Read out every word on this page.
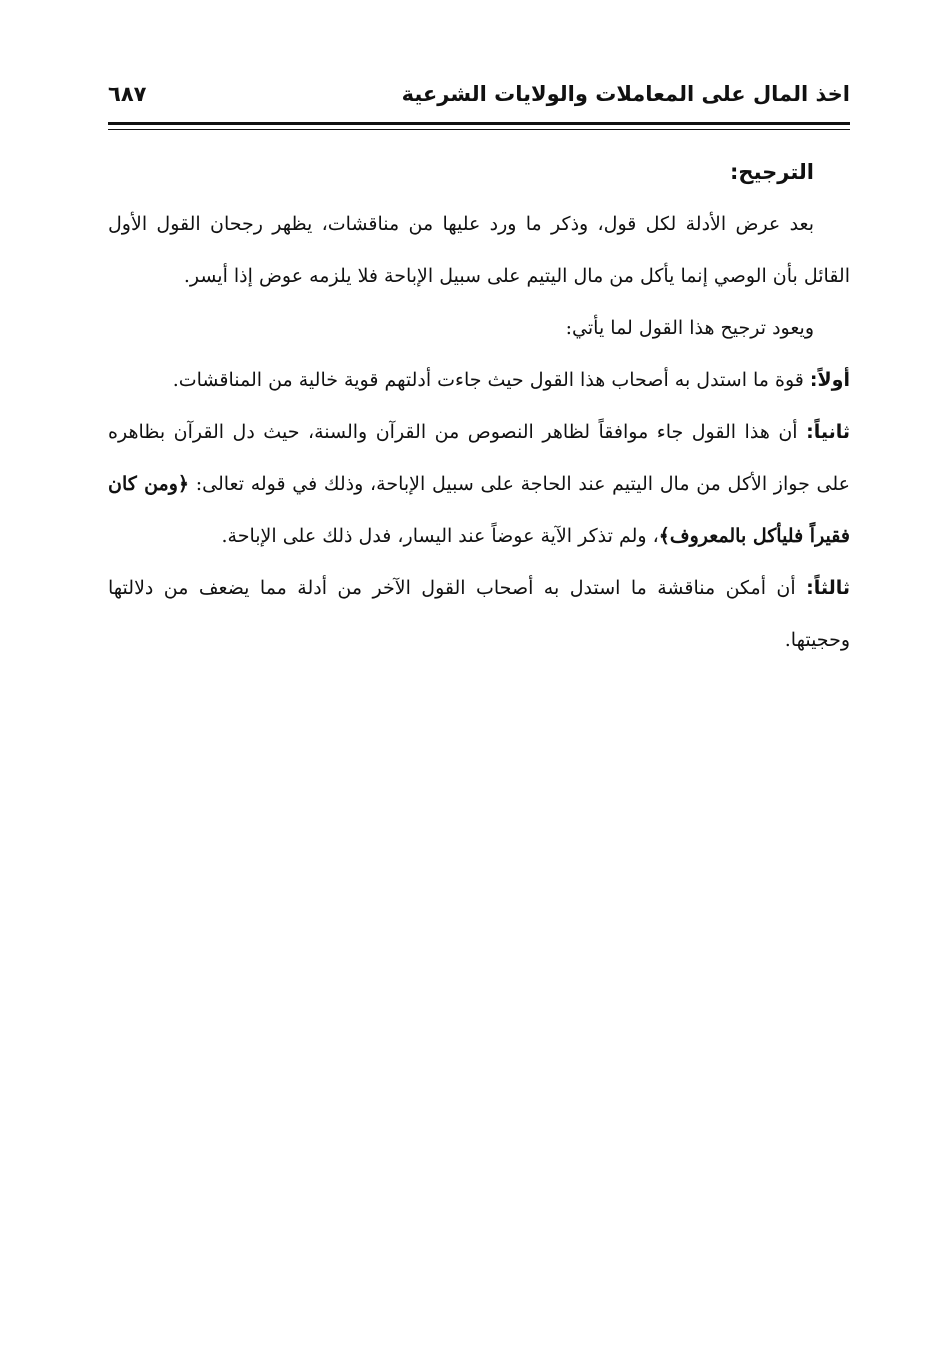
اخذ المال على المعاملات والولايات الشرعية
٦٨٧

الترجيح:

بعد عرض الأدلة لكل قول، وذكر ما ورد عليها من مناقشات، يظهر رجحان القول الأول القائل بأن الوصي إنما يأكل من مال اليتيم على سبيل الإباحة فلا يلزمه عوض إذا أيسر.

ويعود ترجيح هذا القول لما يأتي:

أولاً: قوة ما استدل به أصحاب هذا القول حيث جاءت أدلتهم قوية خالية من المناقشات.

ثانياً: أن هذا القول جاء موافقاً لظاهر النصوص من القرآن والسنة، حيث دل القرآن بظاهره على جواز الأكل من مال اليتيم عند الحاجة على سبيل الإباحة، وذلك في قوله تعالى: ﴿ومن كان فقيراً فليأكل بالمعروف﴾، ولم تذكر الآية عوضاً عند اليسار، فدل ذلك على الإباحة.

ثالثاً: أن أمكن مناقشة ما استدل به أصحاب القول الآخر من أدلة مما يضعف من دلالتها وحجيتها.
